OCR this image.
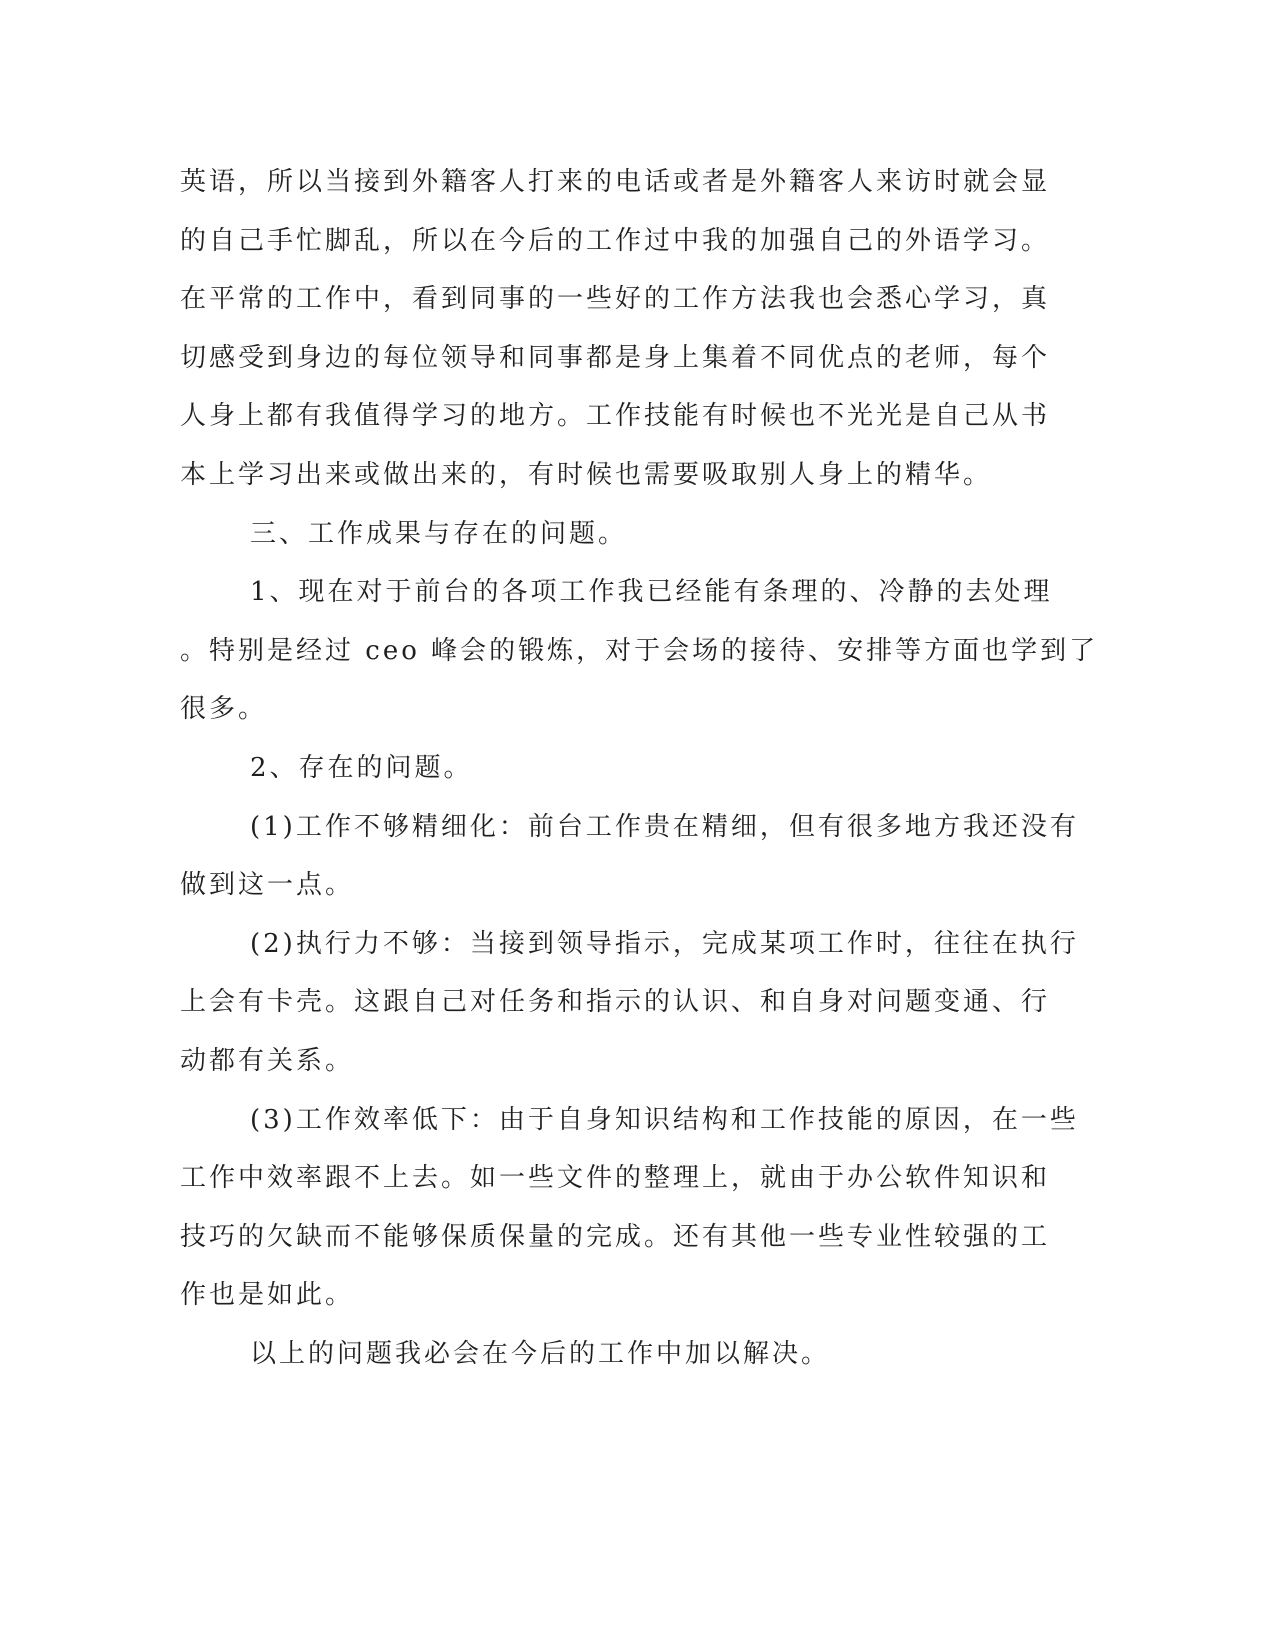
英语，所以当接到外籍客人打来的电话或者是外籍客人来访时就会显

的自己手忙脚乱，所以在今后的工作过中我的加强自己的外语学习。

在平常的工作中，看到同事的一些好的工作方法我也会悉心学习，真

切感受到身边的每位领导和同事都是身上集着不同优点的老师，每个

人身上都有我值得学习的地方。工作技能有时候也不光光是自己从书

本上学习出来或做出来的，有时候也需要吸取别人身上的精华。

三、工作成果与存在的问题。

1、现在对于前台的各项工作我已经能有条理的、冷静的去处理

。特别是经过 ceo 峰会的锻炼，对于会场的接待、安排等方面也学到了

很多。

2、存在的问题。

(1)工作不够精细化：前台工作贵在精细，但有很多地方我还没有

做到这一点。

(2)执行力不够：当接到领导指示，完成某项工作时，往往在执行

上会有卡壳。这跟自己对任务和指示的认识、和自身对问题变通、行

动都有关系。

(3)工作效率低下：由于自身知识结构和工作技能的原因，在一些

工作中效率跟不上去。如一些文件的整理上，就由于办公软件知识和

技巧的欠缺而不能够保质保量的完成。还有其他一些专业性较强的工

作也是如此。

以上的问题我必会在今后的工作中加以解决。
